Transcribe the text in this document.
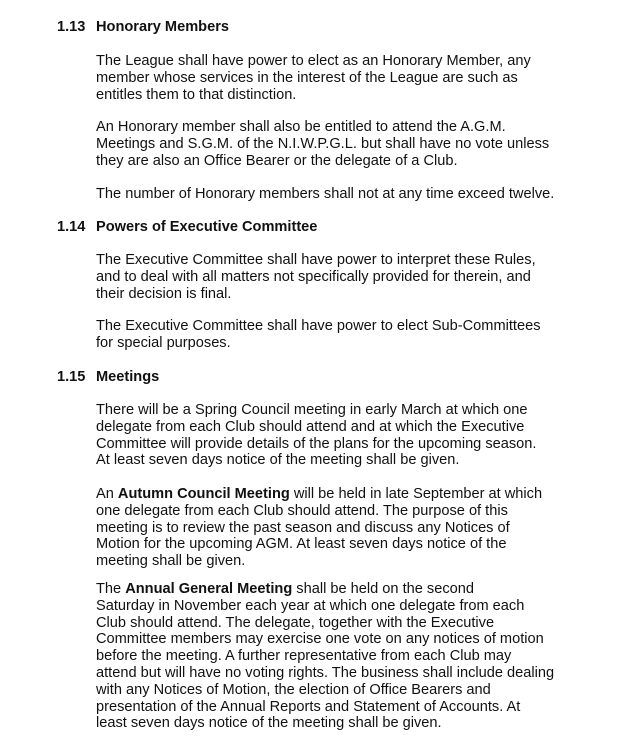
1.13 Honorary Members
The League shall have power to elect as an Honorary Member, any
member whose services in the interest of the League are such as
entitles them to that distinction.
An Honorary member shall also be entitled to attend the A.G.M.
Meetings and S.G.M. of the N.I.W.P.G.L. but shall have no vote unless
they are also an Office Bearer or the delegate of a Club.
The number of Honorary members shall not at any time exceed twelve.
1.14 Powers of Executive Committee
The Executive Committee shall have power to interpret these Rules,
and to deal with all matters not specifically provided for therein, and
their decision is final.
The Executive Committee shall have power to elect Sub-Committees
for special purposes.
1.15 Meetings
There will be a Spring Council meeting in early March at which one
delegate from each Club should attend and at which the Executive
Committee will provide details of the plans for the upcoming season.
At least seven days notice of the meeting shall be given.
An Autumn Council Meeting will be held in late September at which
one delegate from each Club should attend. The purpose of this
meeting is to review the past season and discuss any Notices of
Motion for the upcoming AGM. At least seven days notice of the
meeting shall be given.
The Annual General Meeting shall be held on the second
Saturday in November each year at which one delegate from each
Club should attend. The delegate, together with the Executive
Committee members may exercise one vote on any notices of motion
before the meeting. A further representative from each Club may
attend but will have no voting rights. The business shall include dealing
with any Notices of Motion, the election of Office Bearers and
presentation of the Annual Reports and Statement of Accounts. At
least seven days notice of the meeting shall be given.
